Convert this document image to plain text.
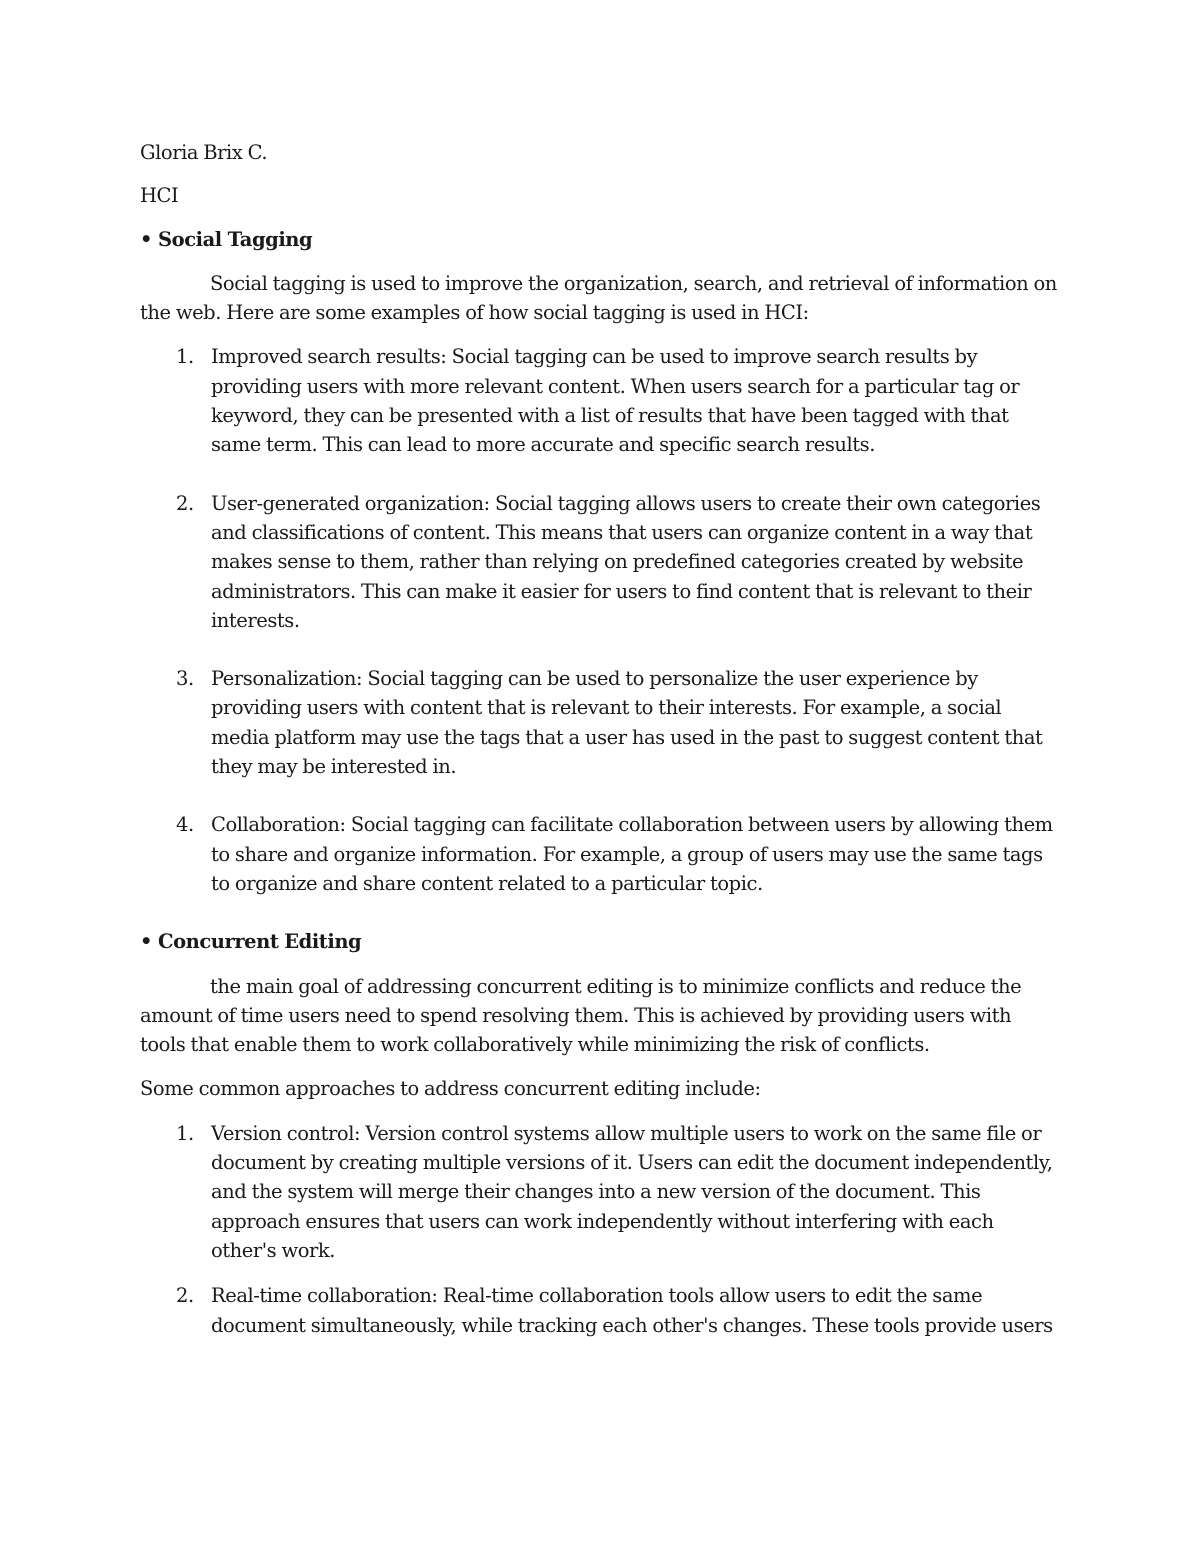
Gloria Brix C.

HCI

• Social Tagging

Social tagging is used to improve the organization, search, and retrieval of information on the web. Here are some examples of how social tagging is used in HCI:

1. Improved search results: Social tagging can be used to improve search results by providing users with more relevant content. When users search for a particular tag or keyword, they can be presented with a list of results that have been tagged with that same term. This can lead to more accurate and specific search results.
2. User-generated organization: Social tagging allows users to create their own categories and classifications of content. This means that users can organize content in a way that makes sense to them, rather than relying on predefined categories created by website administrators. This can make it easier for users to find content that is relevant to their interests.
3. Personalization: Social tagging can be used to personalize the user experience by providing users with content that is relevant to their interests. For example, a social media platform may use the tags that a user has used in the past to suggest content that they may be interested in.
4. Collaboration: Social tagging can facilitate collaboration between users by allowing them to share and organize information. For example, a group of users may use the same tags to organize and share content related to a particular topic.

• Concurrent Editing

the main goal of addressing concurrent editing is to minimize conflicts and reduce the amount of time users need to spend resolving them. This is achieved by providing users with tools that enable them to work collaboratively while minimizing the risk of conflicts.

Some common approaches to address concurrent editing include:

1. Version control: Version control systems allow multiple users to work on the same file or document by creating multiple versions of it. Users can edit the document independently, and the system will merge their changes into a new version of the document. This approach ensures that users can work independently without interfering with each other's work.
2. Real-time collaboration: Real-time collaboration tools allow users to edit the same document simultaneously, while tracking each other's changes. These tools provide users
